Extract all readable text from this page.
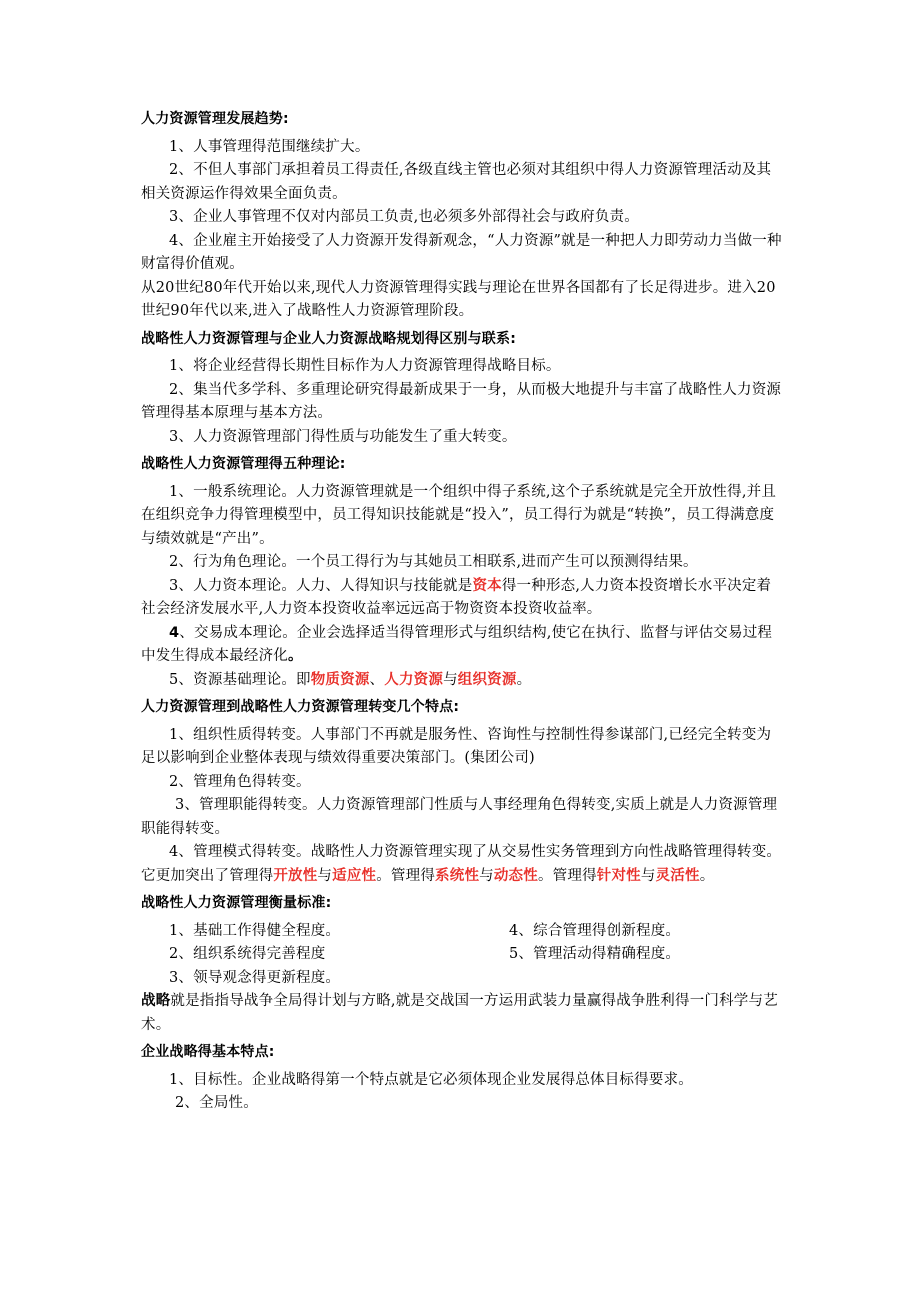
人力资源管理发展趋势:

1、人事管理得范围继续扩大。

2、不但人事部门承担着员工得责任,各级直线主管也必须对其组织中得人力资源管理活动及其相关资源运作得效果全面负责。

3、企业人事管理不仅对内部员工负责,也必须多外部得社会与政府负责。

4、企业雇主开始接受了人力资源开发得新观念，“人力资源”就是一种把人力即劳动力当做一种财富得价值观。

从20世纪80年代开始以来,现代人力资源管理得实践与理论在世界各国都有了长足得进步。进入20世纪90年代以来,进入了战略性人力资源管理阶段。

战略性人力资源管理与企业人力资源战略规划得区别与联系:

1、将企业经营得长期性目标作为人力资源管理得战略目标。

2、集当代多学科、多重理论研究得最新成果于一身，从而极大地提升与丰富了战略性人力资源管理得基本原理与基本方法。

3、人力资源管理部门得性质与功能发生了重大转变。

战略性人力资源管理得五种理论:

1、一般系统理论。人力资源管理就是一个组织中得子系统,这个子系统就是完全开放性得,并且在组织竞争力得管理模型中，员工得知识技能就是“投入”，员工得行为就是“转换”，员工得满意度与绩效就是“产出”。

2、行为角色理论。一个员工得行为与其她员工相联系,进而产生可以预测得结果。

3、人力资本理论。人力、人得知识与技能就是资本得一种形态,人力资本投资增长水平决定着社会经济发展水平,人力资本投资收益率远远高于物资资本投资收益率。

4、交易成本理论。企业会选择适当得管理形式与组织结构,使它在执行、监督与评估交易过程中发生得成本最经济化。

5、资源基础理论。即物质资源、人力资源与组织资源。

人力资源管理到战略性人力资源管理转变几个特点:

1、组织性质得转变。人事部门不再就是服务性、咨询性与控制性得参谋部门,已经完全转变为足以影响到企业整体表现与绩效得重要决策部门。(集团公司)

2、管理角色得转变。

3、管理职能得转变。人力资源管理部门性质与人事经理角色得转变,实质上就是人力资源管理职能得转变。

4、管理模式得转变。战略性人力资源管理实现了从交易性实务管理到方向性战略管理得转变。它更加突出了管理得开放性与适应性。管理得系统性与动态性。管理得针对性与灵活性。

战略性人力资源管理衡量标准:
1、基础工作得健全程度。	4、综合管理得创新程度。
2、组织系统得完善程度	5、管理活动得精确程度。
3、领导观念得更新程度。

战略就是指指导战争全局得计划与方略,就是交战国一方运用武装力量赢得战争胜利得一门科学与艺术。

企业战略得基本特点:

1、目标性。企业战略得第一个特点就是它必须体现企业发展得总体目标得要求。

2、全局性。
